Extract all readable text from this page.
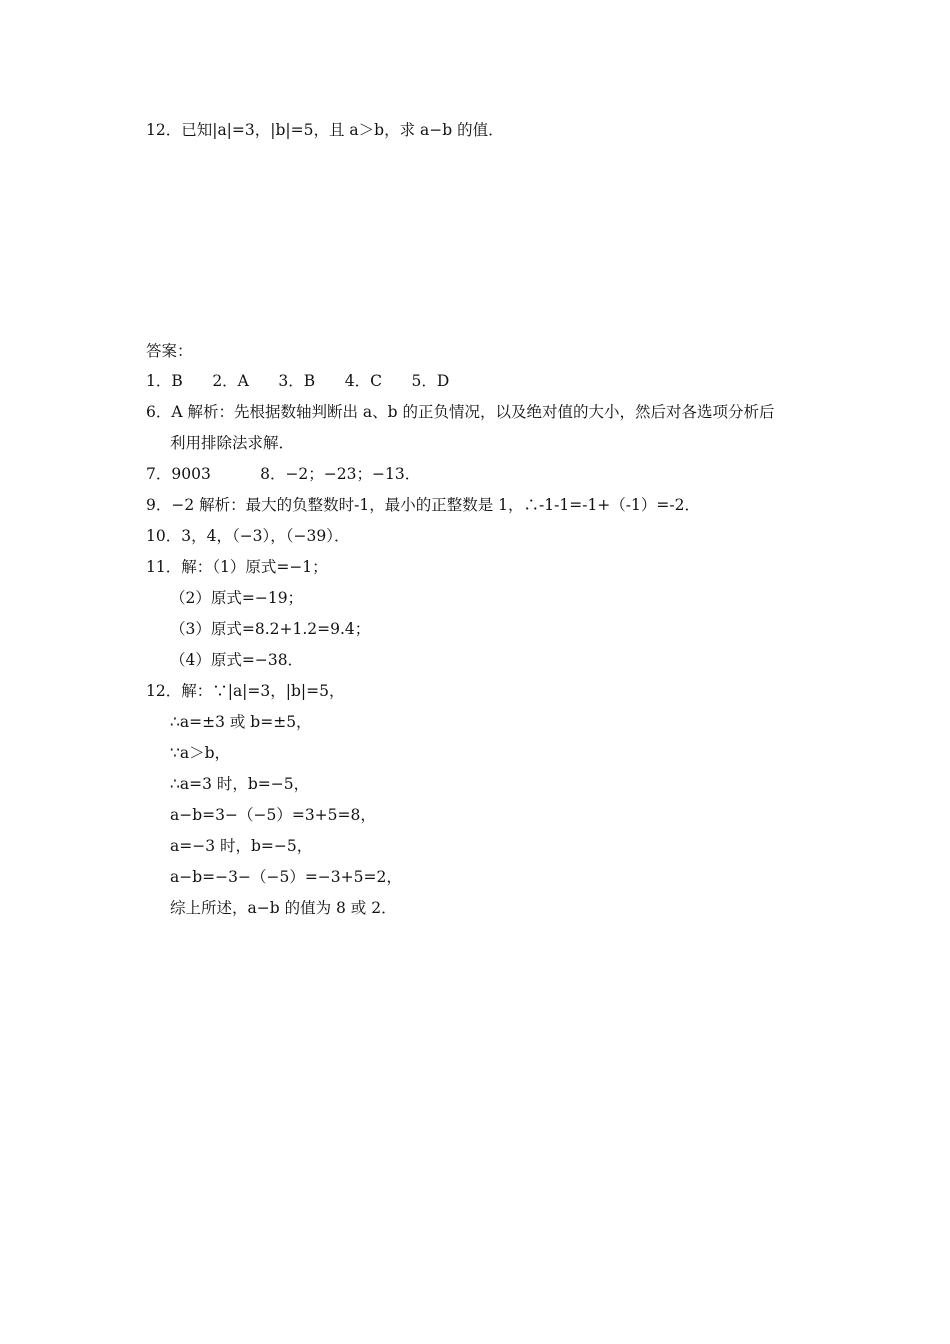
12．已知|a|=3，|b|=5，且 a＞b，求 a−b 的值．
答案：
1．B      2．A      3．B      4．C      5．D
6．A 解析：先根据数轴判断出 a、b 的正负情况，以及绝对值的大小，然后对各选项分析后
利用排除法求解．
7．9003          8．−2；−23；−13．
9．−2 解析：最大的负整数时-1，最小的正整数是 1，∴-1-1=-1+（-1）=-2．
10．3，4，（−3），（−39）．
11．解：（1）原式=−1；
（2）原式=−19；
（3）原式=8.2+1.2=9.4；
（4）原式=−38．
12．解：∵|a|=3，|b|=5，
∴a=±3 或 b=±5，
∵a＞b，
∴a=3 时，b=−5，
a−b=3−（−5）=3+5=8，
a=−3 时，b=−5，
a−b=−3−（−5）=−3+5=2，
综上所述，a−b 的值为 8 或 2．
